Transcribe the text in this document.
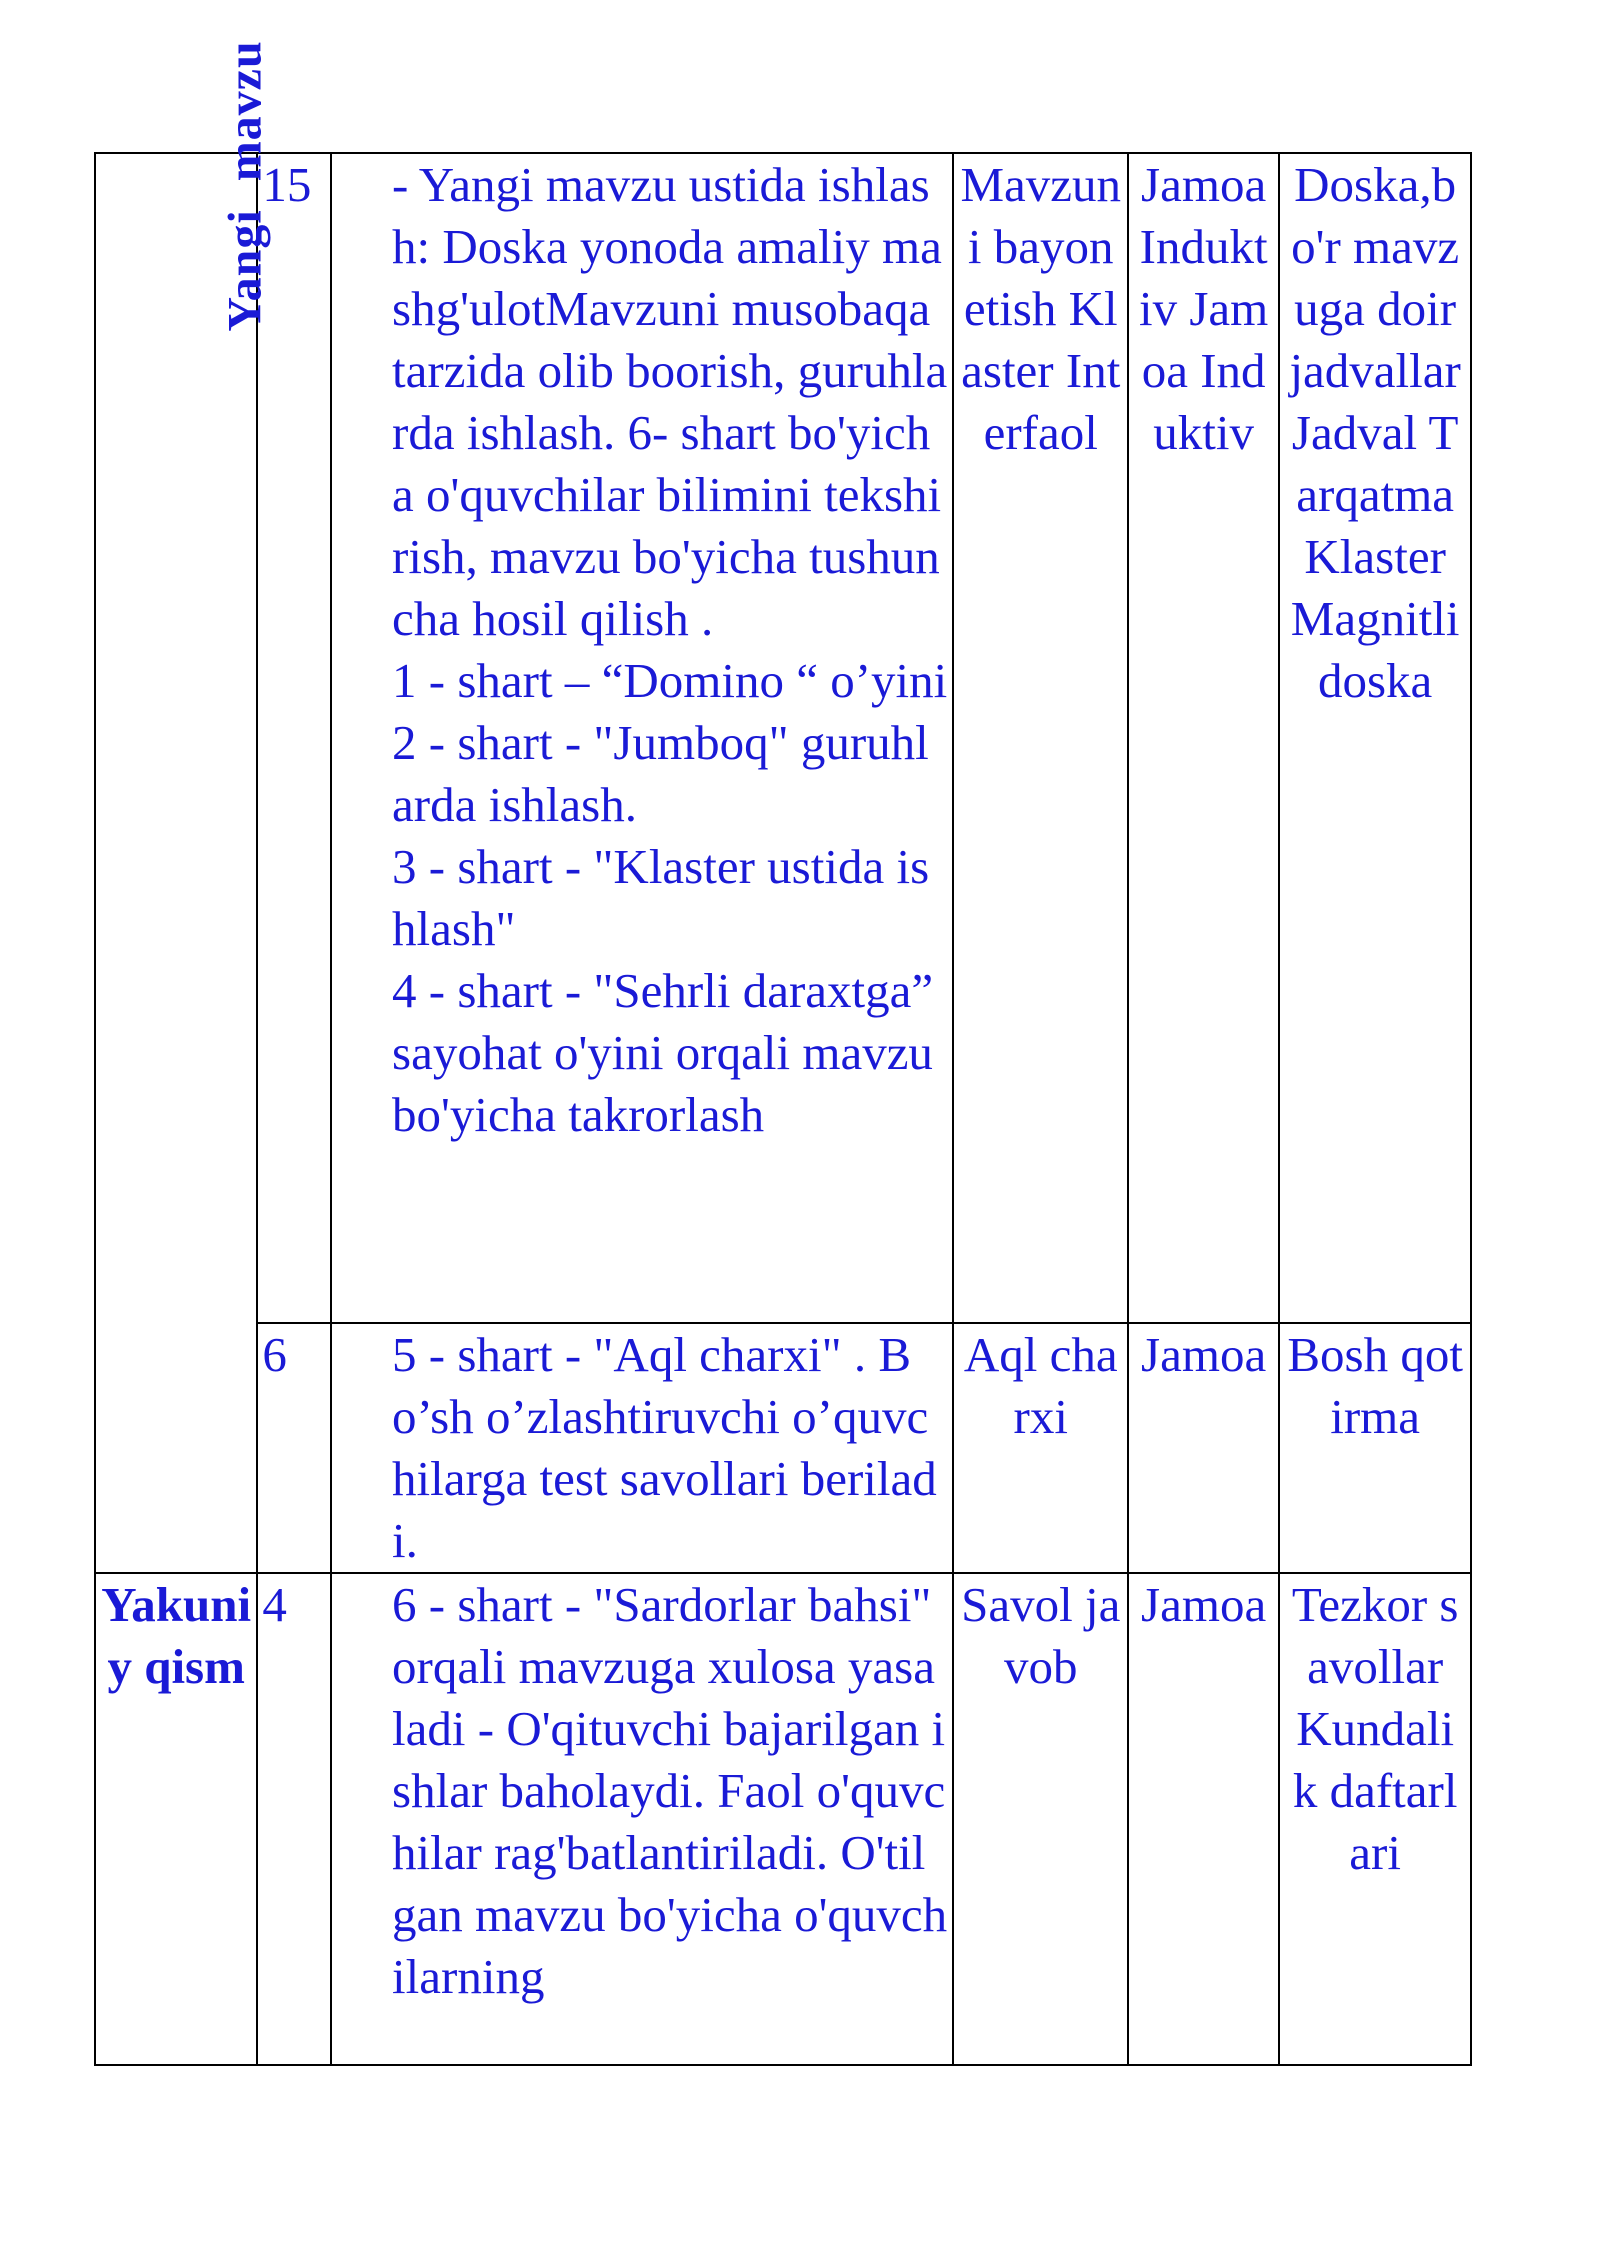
Yangimavzu	15	- Yangi mavzu ustida ishlash: Doska yonoda amaliy mashg'ulotMavzuni musobaqa tarzida olib boorish, guruhlarda ishlash. 6- shart bo'yicha o'quvchilar bilimini tekshirish, mavzu bo'yicha tushuncha hosil qilish .
1 - shart – “Domino “ o’yini
2 - shart - "Jumboq" guruhlarda ishlash.
3 - shart - "Klaster ustida ishlash"
4 - shart - "Sehrli daraxtga” sayohat o'yini orqali mavzu bo'yicha takrorlash	Mavzuni bayon etish Klaster Interfaol	Jamoa Induktiv Jamoa Induktiv	Doska,bo'r mavzuga doir jadvallar Jadval Tarqatma Klaster Magnitli doska
	6	5 - shart - "Aql charxi" . Bo’sh o’zlashtiruvchi o’quvchilarga test savollari beriladi.	Aql charxi	Jamoa	Bosh qotirma
Yakuniy qism	4	6 - shart - "Sardorlar bahsi" orqali mavzuga xulosa yasaladi - O'qituvchi bajarilgan ishlar baholaydi. Faol o'quvchilar rag'batlantiriladi. O'tilgan mavzu bo'yicha o'quvchilarning	Savol javob	Jamoa	Tezkor savollar Kundalik daftarlari
